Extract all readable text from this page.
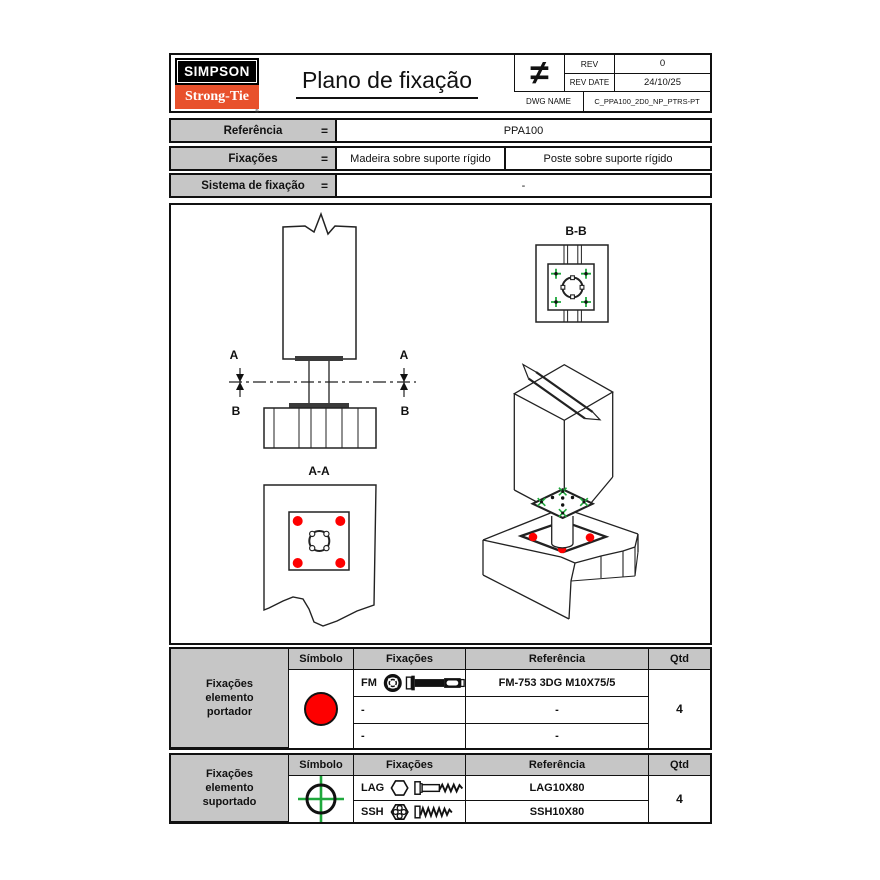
SIMPSON
Strong-Tie
®
Plano de fixação	≠	REV	0
REV DATE	24/10/25
DWG NAME	C_PPA100_2D0_NP_PTRS-PT
Referência	=	PPA100
Fixações	=	Madeira sobre suporte rígido	Poste sobre suporte rígido
Sistema de fixação =	-
A	A
B	B
B-B
A-A
Fixações elemento portador
Símbolo	Fixações	Referência	Qtd
FM	FM-753 3DG M10X75/5
-	-
-	-
4
Fixações elemento suportado
Símbolo	Fixações	Referência	Qtd
LAG	LAG10X80
SSH	SSH10X80
4
